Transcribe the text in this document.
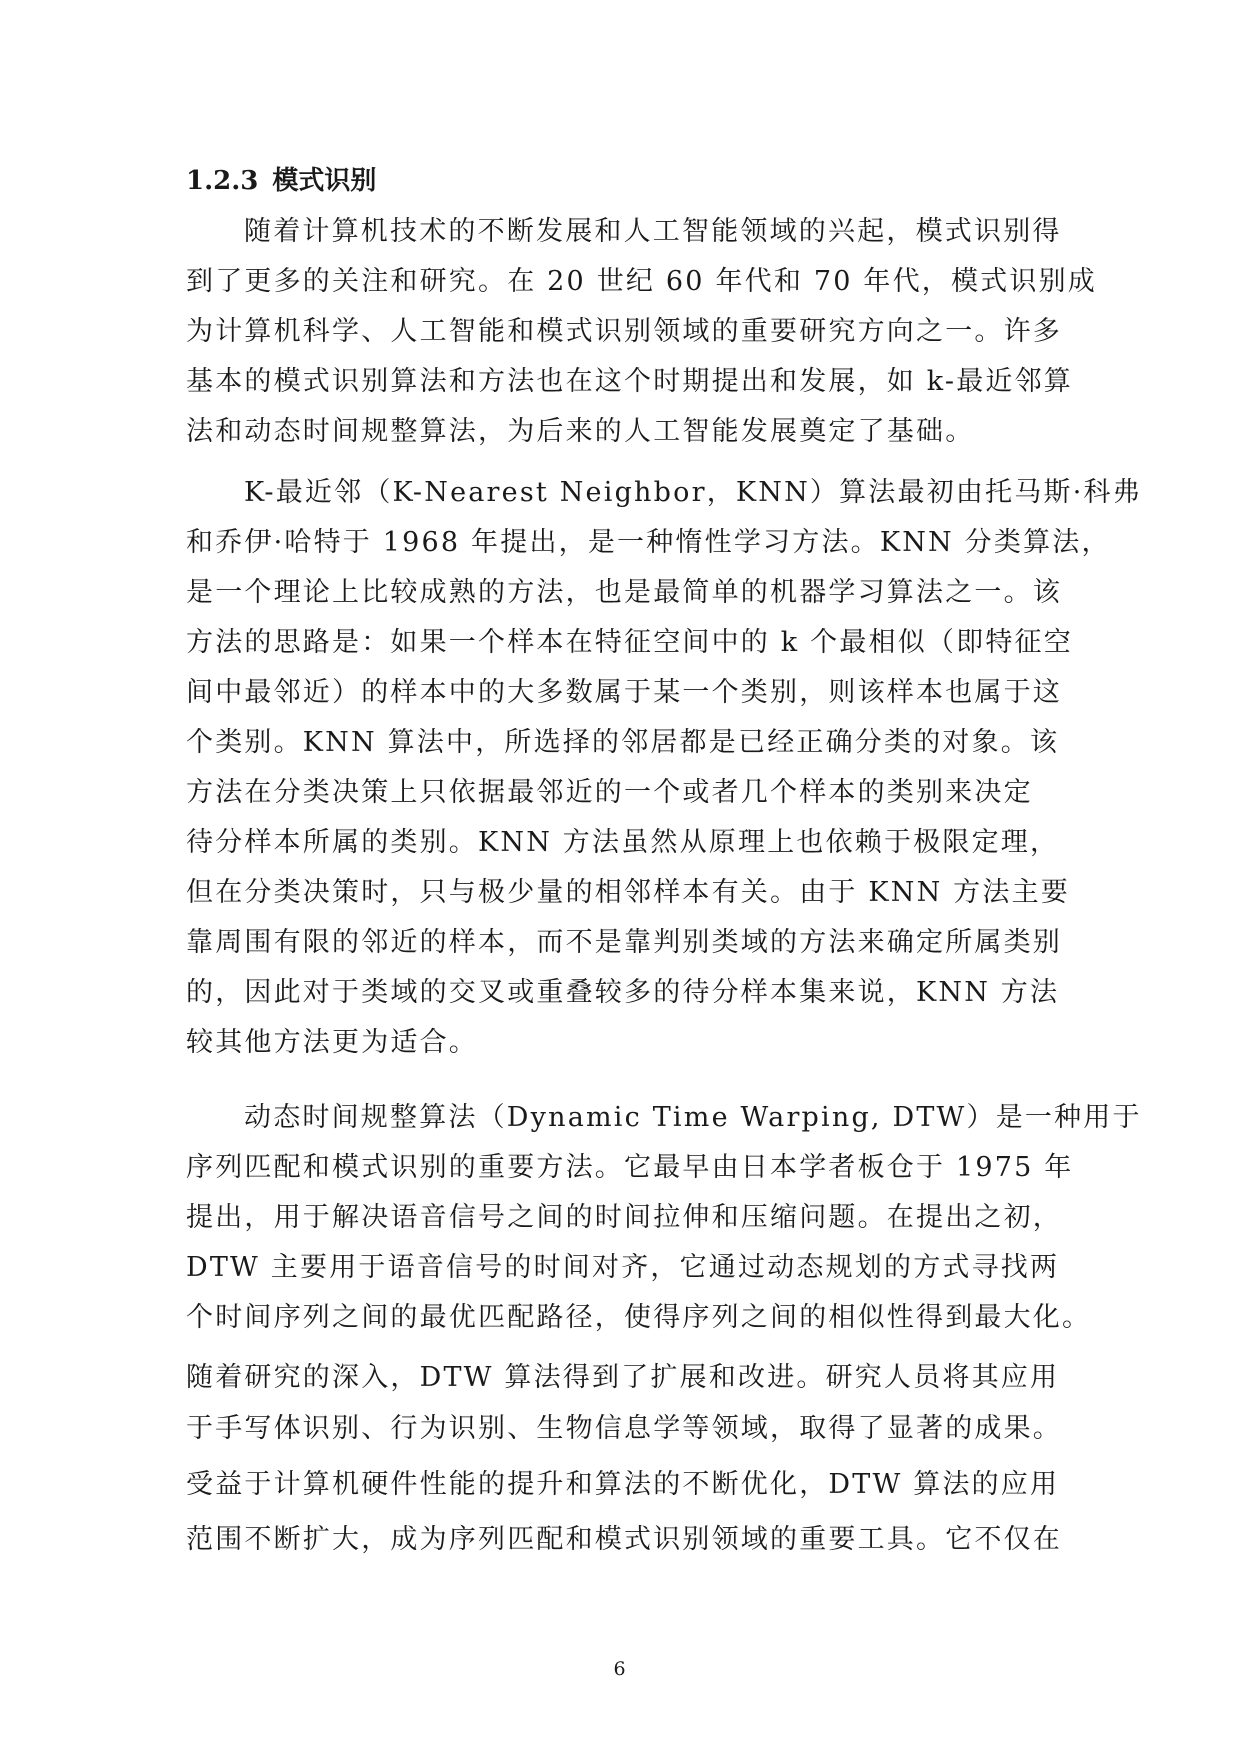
1.2.3 模式识别
随着计算机技术的不断发展和人工智能领域的兴起，模式识别得
到了更多的关注和研究。在 20 世纪 60 年代和 70 年代，模式识别成
为计算机科学、人工智能和模式识别领域的重要研究方向之一。许多
基本的模式识别算法和方法也在这个时期提出和发展，如 k-最近邻算
法和动态时间规整算法，为后来的人工智能发展奠定了基础。
K-最近邻（K-Nearest Neighbor，KNN）算法最初由托马斯·科弗
和乔伊·哈特于 1968 年提出，是一种惰性学习方法。KNN 分类算法，
是一个理论上比较成熟的方法，也是最简单的机器学习算法之一。该
方法的思路是：如果一个样本在特征空间中的 k 个最相似（即特征空
间中最邻近）的样本中的大多数属于某一个类别，则该样本也属于这
个类别。KNN 算法中，所选择的邻居都是已经正确分类的对象。该
方法在分类决策上只依据最邻近的一个或者几个样本的类别来决定
待分样本所属的类别。KNN 方法虽然从原理上也依赖于极限定理，
但在分类决策时，只与极少量的相邻样本有关。由于 KNN 方法主要
靠周围有限的邻近的样本，而不是靠判别类域的方法来确定所属类别
的，因此对于类域的交叉或重叠较多的待分样本集来说，KNN 方法
较其他方法更为适合。
动态时间规整算法（Dynamic Time Warping, DTW）是一种用于
序列匹配和模式识别的重要方法。它最早由日本学者板仓于 1975 年
提出，用于解决语音信号之间的时间拉伸和压缩问题。在提出之初，
DTW 主要用于语音信号的时间对齐，它通过动态规划的方式寻找两
个时间序列之间的最优匹配路径，使得序列之间的相似性得到最大化。
随着研究的深入，DTW 算法得到了扩展和改进。研究人员将其应用
于手写体识别、行为识别、生物信息学等领域，取得了显著的成果。
受益于计算机硬件性能的提升和算法的不断优化，DTW 算法的应用
范围不断扩大，成为序列匹配和模式识别领域的重要工具。它不仅在
6
